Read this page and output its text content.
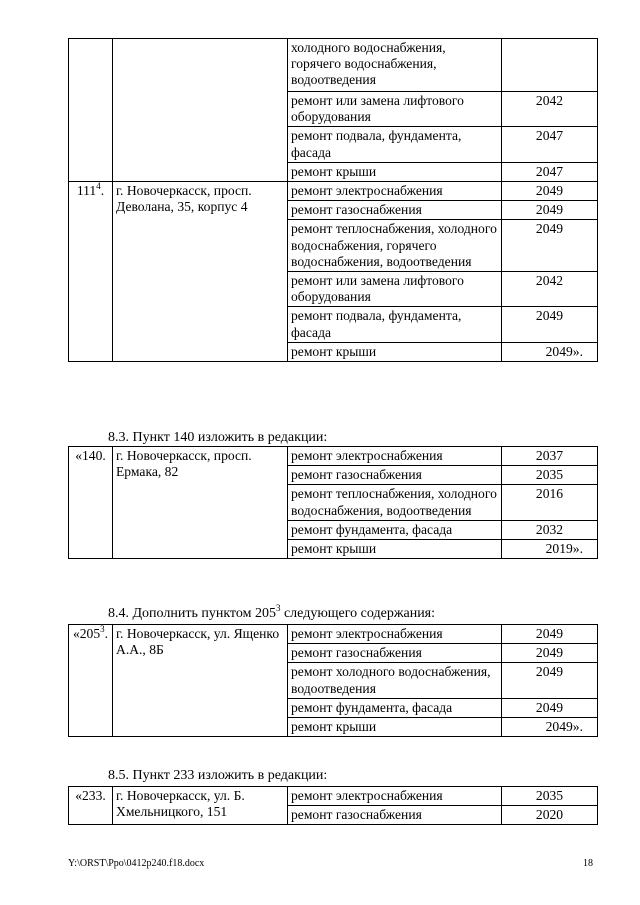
		холодного водоснабжения, горячего водоснабжения, водоотведения	
		ремонт или замена лифтового оборудования	2042
		ремонт подвала, фундамента, фасада	2047
		ремонт крыши	2047
$111^4$.	г. Новочеркасск, просп. Деволана, 35, корпус 4	ремонт электроснабжения	2049
		ремонт газоснабжения	2049
		ремонт теплоснабжения, холодного водоснабжения, горячего водоснабжения, водоотведения	2049
		ремонт или замена лифтового оборудования	2042
		ремонт подвала, фундамента, фасада	2049
		ремонт крыши	2049».
8.3. Пункт 140 изложить в редакции:
«140.	г. Новочеркасск, просп. Ермака, 82	ремонт электроснабжения	2037
		ремонт газоснабжения	2035
		ремонт теплоснабжения, холодного водоснабжения, водоотведения	2016
		ремонт фундамента, фасада	2032
		ремонт крыши	2019».
8.4. Дополнить пунктом $205^3$ следующего содержания:
«$205^3$.	г. Новочеркасск, ул. Ященко А.А., 8Б	ремонт электроснабжения	2049
		ремонт газоснабжения	2049
		ремонт холодного водоснабжения, водоотведения	2049
		ремонт фундамента, фасада	2049
		ремонт крыши	2049».
8.5. Пункт 233 изложить в редакции:
«233.	г. Новочеркасск, ул. Б. Хмельницкого, 151	ремонт электроснабжения	2035
		ремонт газоснабжения	2020
Y:\ORST\Ppo\0412p240.f18.docx	18
